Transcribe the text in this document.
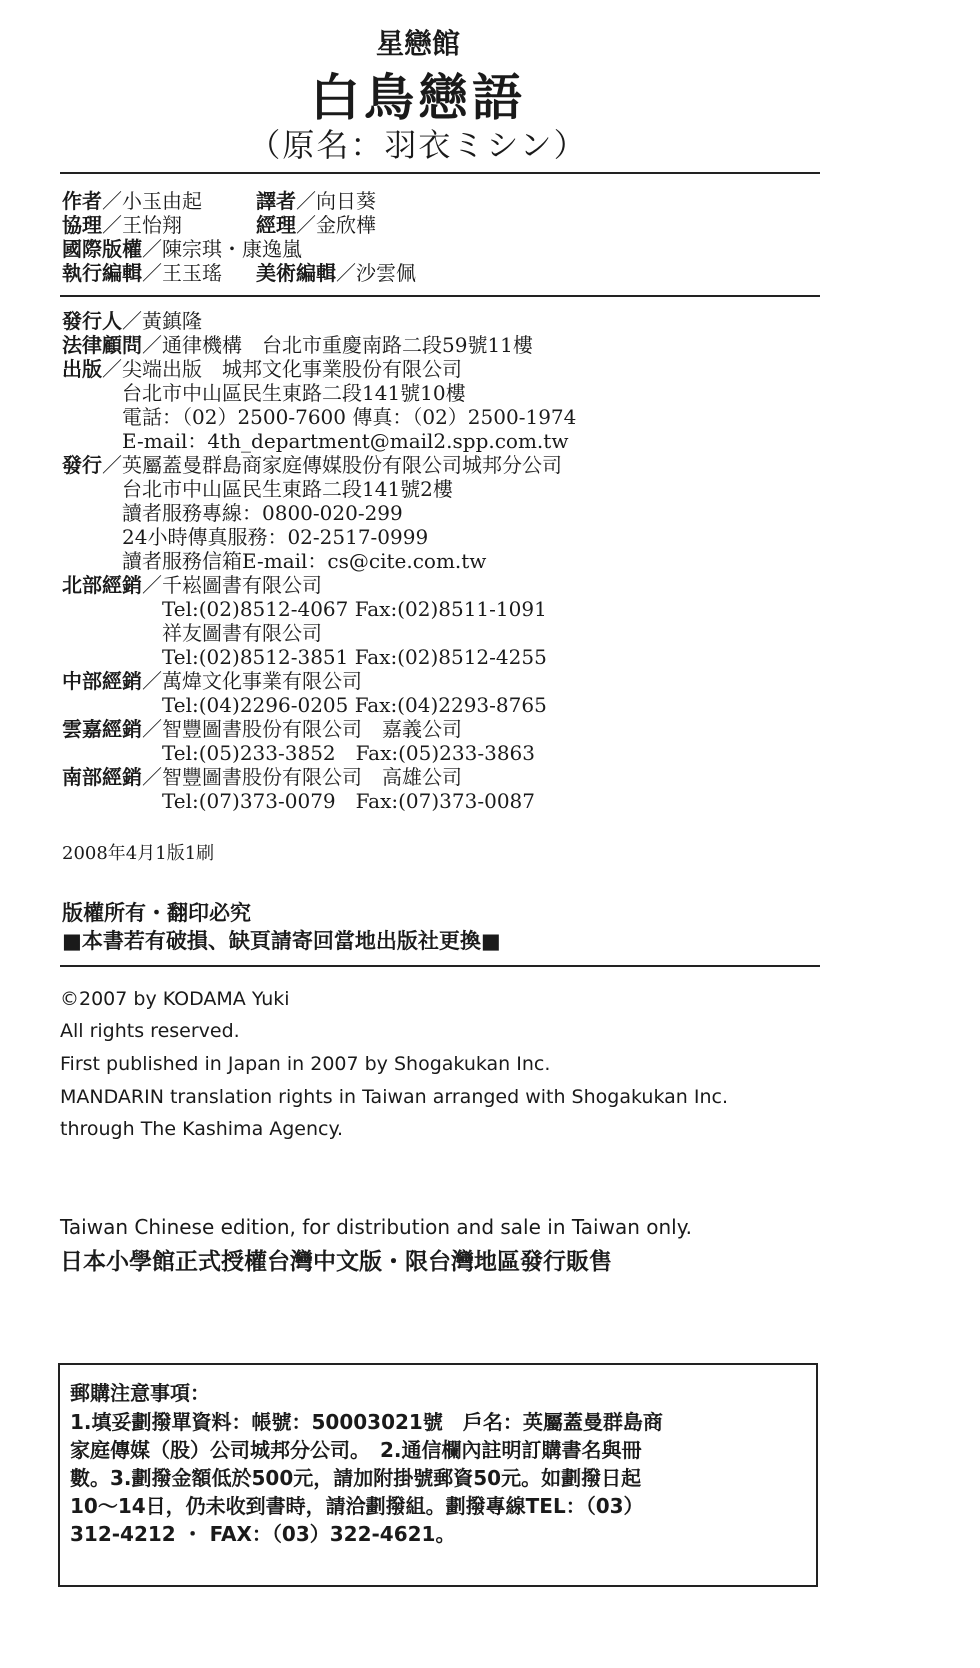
星戀館
白鳥戀語
（原名：羽衣ミシン）
作者／小玉由起	譯者／向日葵
協理／王怡翔	經理／金欣樺
國際版權／陳宗琪・康逸嵐
執行編輯／王玉瑤 美術編輯／沙雲佩
發行人／黃鎮隆
法律顧問／通律機構　台北市重慶南路二段59號11樓
出版／尖端出版　城邦文化事業股份有限公司
台北市中山區民生東路二段141號10樓
電話：（02）2500-7600 傳真：（02）2500-1974
E-mail：4th_department@mail2.spp.com.tw
發行／英屬蓋曼群島商家庭傳媒股份有限公司城邦分公司
台北市中山區民生東路二段141號2樓
讀者服務專線：0800-020-299
24小時傳真服務：02-2517-0999
讀者服務信箱E-mail：cs@cite.com.tw
北部經銷／千崧圖書有限公司
Tel:(02)8512-4067 Fax:(02)8511-1091
祥友圖書有限公司
Tel:(02)8512-3851 Fax:(02)8512-4255
中部經銷／萬煒文化事業有限公司
Tel:(04)2296-0205 Fax:(04)2293-8765
雲嘉經銷／智豐圖書股份有限公司　嘉義公司
Tel:(05)233-3852　Fax:(05)233-3863
南部經銷／智豐圖書股份有限公司　高雄公司
Tel:(07)373-0079　Fax:(07)373-0087
2008年4月1版1刷
版權所有・翻印必究
■本書若有破損、缺頁請寄回當地出版社更換■
©2007 by KODAMA Yuki
All rights reserved.
First published in Japan in 2007 by Shogakukan Inc.
MANDARIN translation rights in Taiwan arranged with Shogakukan Inc.
through The Kashima Agency.
Taiwan Chinese edition, for distribution and sale in Taiwan only.
日本小學館正式授權台灣中文版・限台灣地區發行販售
郵購注意事項：
1.填妥劃撥單資料：帳號：50003021號　戶名：英屬蓋曼群島商
家庭傳媒（股）公司城邦分公司。　2.通信欄內註明訂購書名與冊
數。3.劃撥金額低於500元，請加附掛號郵資50元。如劃撥日起
10～14日，仍未收到書時，請洽劃撥組。劃撥專線TEL：（03）
312-4212 ・ FAX：（03）322-4621。
